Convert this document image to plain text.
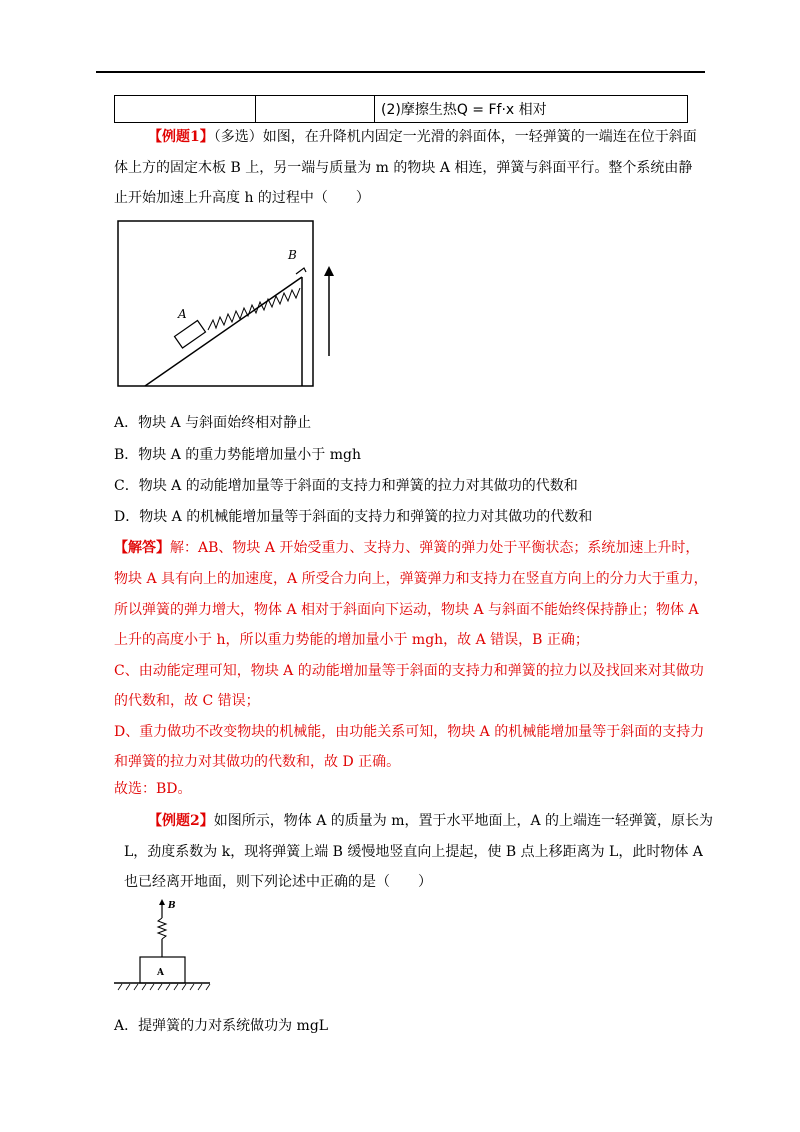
		(2)摩擦生热Q = Ff·x 相对
【例题1】（多选）如图，在升降机内固定一光滑的斜面体，一轻弹簧的一端连在位于斜面
体上方的固定木板 B 上，另一端与质量为 m 的物块 A 相连，弹簧与斜面平行。整个系统由静
止开始加速上升高度 h 的过程中（　　）
A
B
A．物块 A 与斜面始终相对静止
B．物块 A 的重力势能增加量小于 mgh
C．物块 A 的动能增加量等于斜面的支持力和弹簧的拉力对其做功的代数和
D．物块 A 的机械能增加量等于斜面的支持力和弹簧的拉力对其做功的代数和
【解答】解：AB、物块 A 开始受重力、支持力、弹簧的弹力处于平衡状态；系统加速上升时，
物块 A 具有向上的加速度，A 所受合力向上，弹簧弹力和支持力在竖直方向上的分力大于重力，
所以弹簧的弹力增大，物体 A 相对于斜面向下运动，物块 A 与斜面不能始终保持静止；物体 A
上升的高度小于 h，所以重力势能的增加量小于 mgh，故 A 错误，B 正确；
C、由动能定理可知，物块 A 的动能增加量等于斜面的支持力和弹簧的拉力以及找回来对其做功
的代数和，故 C 错误；
D、重力做功不改变物块的机械能，由功能关系可知，物块 A 的机械能增加量等于斜面的支持力
和弹簧的拉力对其做功的代数和，故 D 正确。
故选：BD。
【例题2】如图所示，物体 A 的质量为 m，置于水平地面上，A 的上端连一轻弹簧，原长为
L，劲度系数为 k，现将弹簧上端 B 缓慢地竖直向上提起，使 B 点上移距离为 L，此时物体 A
也已经离开地面，则下列论述中正确的是（　　）
A
B
A．提弹簧的力对系统做功为 mgL
